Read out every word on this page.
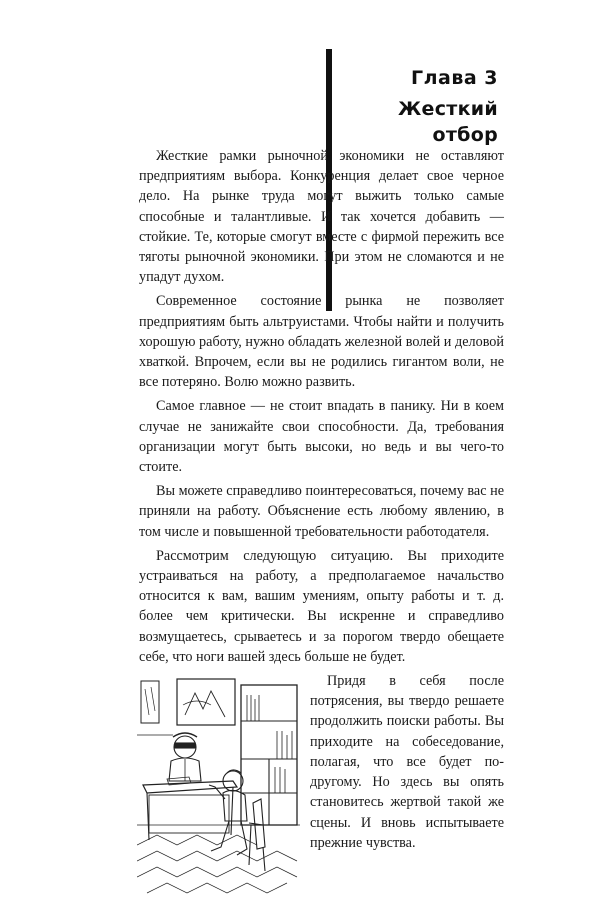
Глава 3
Жесткий отбор

Жесткие рамки рыночной экономики не оставляют предприятиям выбора. Конкуренция делает свое черное дело. На рынке труда могут выжить только самые способные и талантливые. И так хочется добавить — стойкие. Те, которые смогут вместе с фирмой пережить все тяготы рыночной экономики. При этом не сломаются и не упадут духом.

Современное состояние рынка не позволяет предприятиям быть альтруистами. Чтобы найти и получить хорошую работу, нужно обладать железной волей и деловой хваткой. Впрочем, если вы не родились гигантом воли, не все потеряно. Волю можно развить.

Самое главное — не стоит впадать в панику. Ни в коем случае не занижайте свои способности. Да, требования организации могут быть высоки, но ведь и вы чего-то стоите.

Вы можете справедливо поинтересоваться, почему вас не приняли на работу. Объяснение есть любому явлению, в том числе и повышенной требовательности работодателя.

Рассмотрим следующую ситуацию. Вы приходите устраиваться на работу, а предполагаемое начальство относится к вам, вашим умениям, опыту работы и т. д. более чем критически. Вы искренне и справедливо возмущаетесь, срываетесь и за порогом твердо обещаете себе, что ноги вашей здесь больше не будет.

Придя в себя после потрясения, вы твердо решаете продолжить поиски работы. Вы приходите на собеседование, полагая, что все будет по-другому. Но здесь вы опять становитесь жертвой такой же сцены. И вновь испытываете прежние чувства.
